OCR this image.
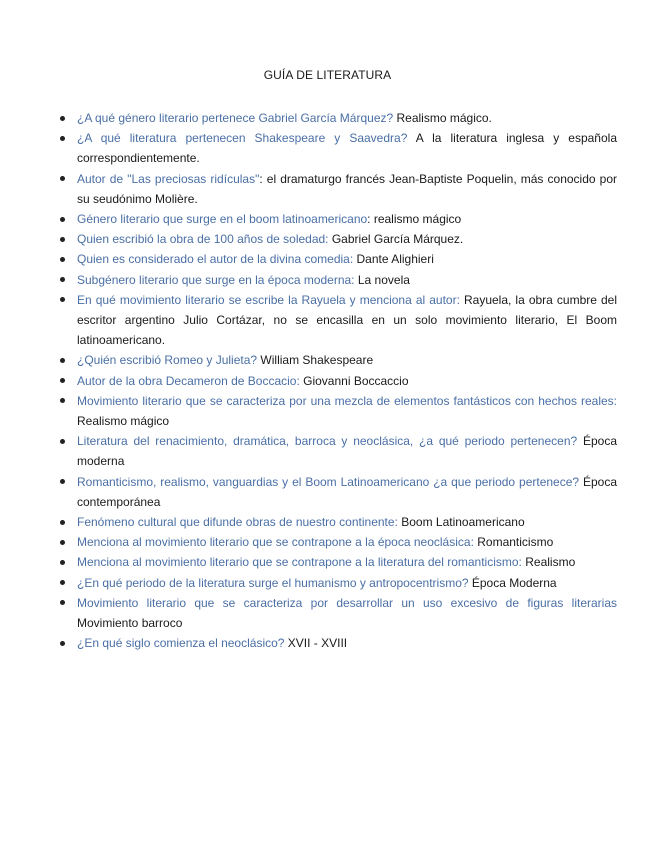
GUÍA DE LITERATURA
¿A qué género literario pertenece Gabriel García Márquez? Realismo mágico.
¿A qué literatura pertenecen Shakespeare y Saavedra? A la literatura inglesa y española correspondientemente.
Autor de "Las preciosas ridículas": el dramaturgo francés Jean-Baptiste Poquelin, más conocido por su seudónimo Molière.
Género literario que surge en el boom latinoamericano: realismo mágico
Quien escribió la obra de 100 años de soledad: Gabriel García Márquez.
Quien es considerado el autor de la divina comedia: Dante Alighieri
Subgénero literario que surge en la época moderna: La novela
En qué movimiento literario se escribe la Rayuela y menciona al autor: Rayuela, la obra cumbre del escritor argentino Julio Cortázar, no se encasilla en un solo movimiento literario, El Boom latinoamericano.
¿Quién escribió Romeo y Julieta? William Shakespeare
Autor de la obra Decameron de Boccacio: Giovanni Boccaccio
Movimiento literario que se caracteriza por una mezcla de elementos fantásticos con hechos reales: Realismo mágico
Literatura del renacimiento, dramática, barroca y neoclásica, ¿a qué periodo pertenecen? Época moderna
Romanticismo, realismo, vanguardias y el Boom Latinoamericano ¿a que periodo pertenece? Época contemporánea
Fenómeno cultural que difunde obras de nuestro continente: Boom Latinoamericano
Menciona al movimiento literario que se contrapone a la época neoclásica: Romanticismo
Menciona al movimiento literario que se contrapone a la literatura del romanticismo: Realismo
¿En qué periodo de la literatura surge el humanismo y antropocentrismo? Época Moderna
Movimiento literario que se caracteriza por desarrollar un uso excesivo de figuras literarias Movimiento barroco
¿En qué siglo comienza el neoclásico? XVII - XVIII
